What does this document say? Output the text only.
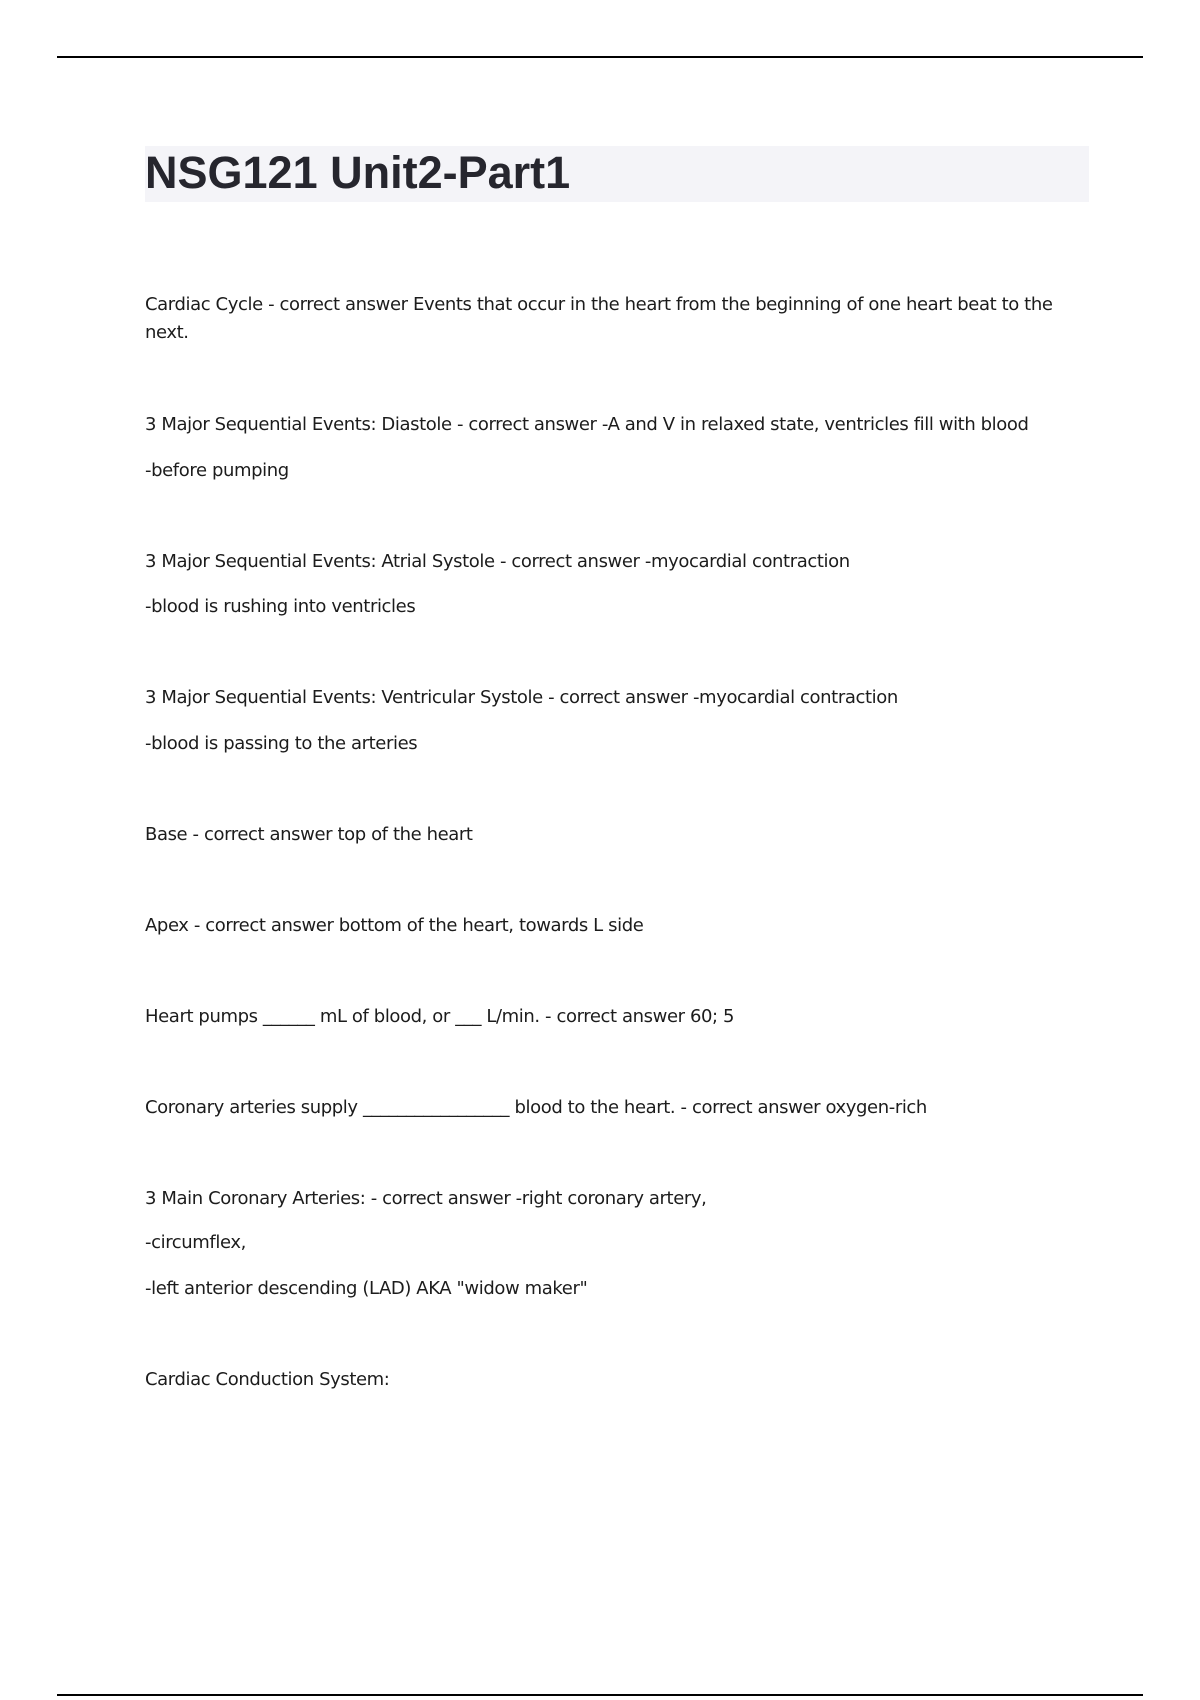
NSG121 Unit2-Part1
Cardiac Cycle - correct answer Events that occur in the heart from the beginning of one heart beat to the next.
3 Major Sequential Events: Diastole - correct answer -A and V in relaxed state, ventricles fill with blood
-before pumping
3 Major Sequential Events: Atrial Systole - correct answer -myocardial contraction
-blood is rushing into ventricles
3 Major Sequential Events: Ventricular Systole - correct answer -myocardial contraction
-blood is passing to the arteries
Base - correct answer top of the heart
Apex - correct answer bottom of the heart, towards L side
Heart pumps ______ mL of blood, or ___ L/min. - correct answer 60; 5
Coronary arteries supply _________________ blood to the heart. - correct answer oxygen-rich
3 Main Coronary Arteries: - correct answer -right coronary artery,
-circumflex,
-left anterior descending (LAD) AKA "widow maker"
Cardiac Conduction System:
